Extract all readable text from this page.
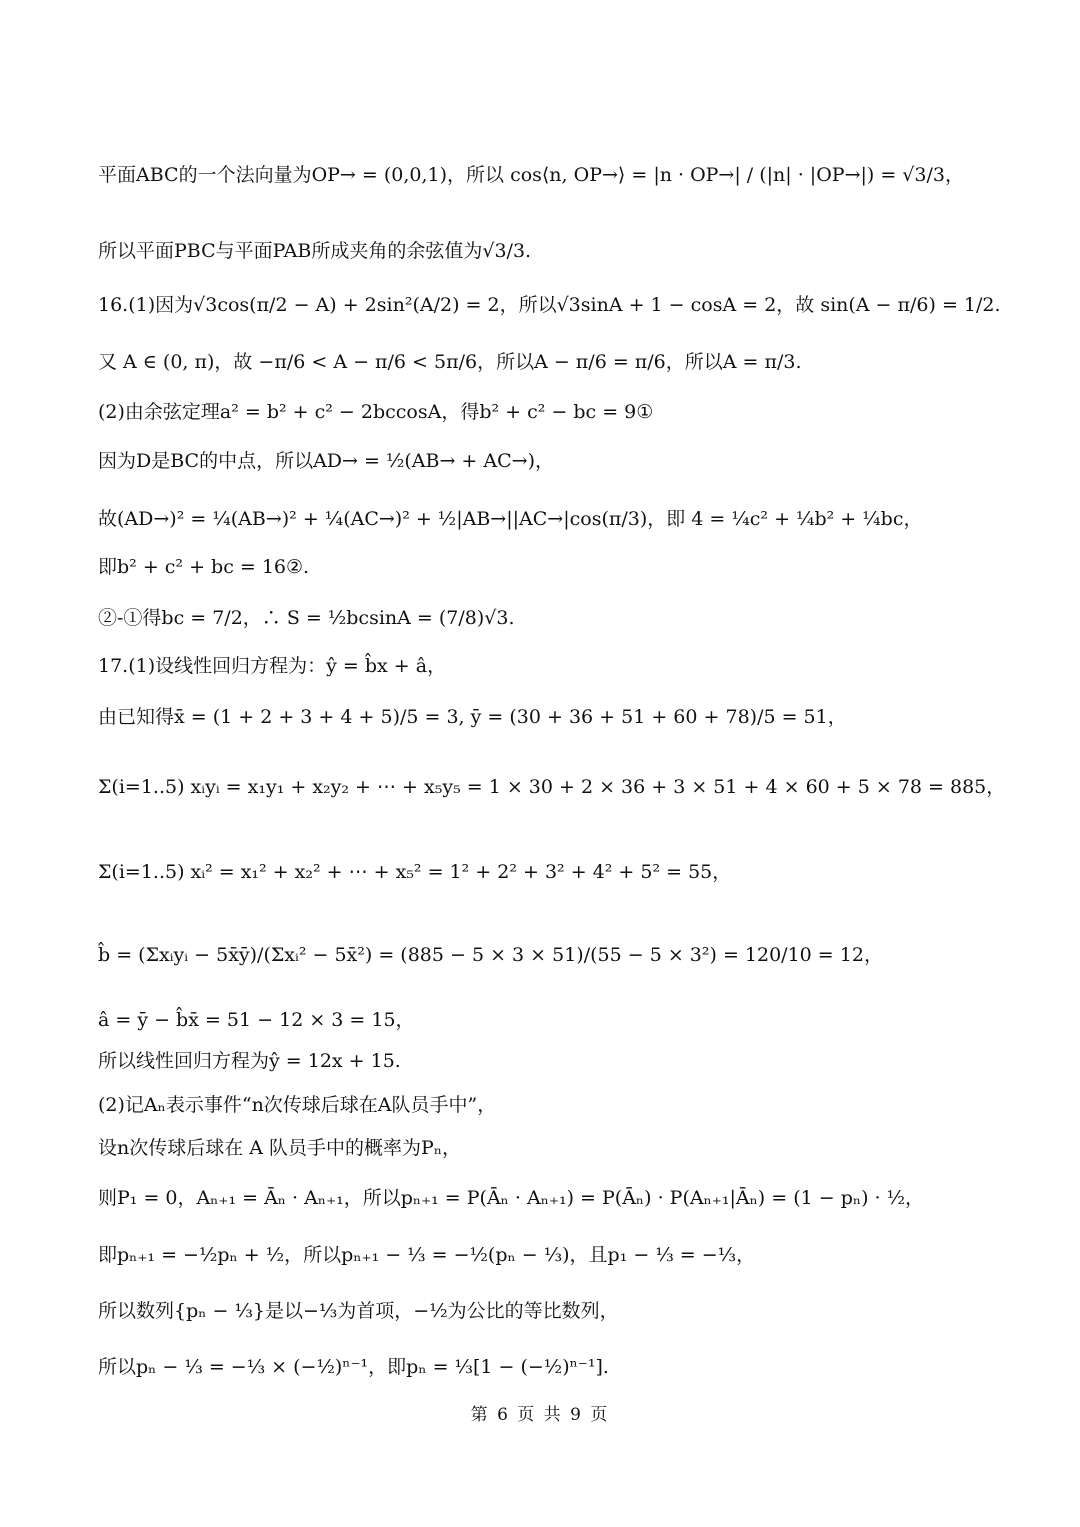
平面ABC的一个法向量为OP→ = (0,0,1)，所以 cos⟨n, OP→⟩ = |n · OP→| / (|n| · |OP→|) = √3/3，
所以平面PBC与平面PAB所成夹角的余弦值为√3/3.
16.(1)因为√3cos(π/2 − A) + 2sin²(A/2) = 2，所以√3sinA + 1 − cosA = 2，故 sin(A − π/6) = 1/2.
又 A ∈ (0, π)，故 −π/6 < A − π/6 < 5π/6，所以A − π/6 = π/6，所以A = π/3.
(2)由余弦定理a² = b² + c² − 2bccosA，得b² + c² − bc = 9①
因为D是BC的中点，所以AD→ = ½(AB→ + AC→)，
故(AD→)² = ¼(AB→)² + ¼(AC→)² + ½|AB→||AC→|cos(π/3)，即 4 = ¼c² + ¼b² + ¼bc，
即b² + c² + bc = 16②.
②-①得bc = 7/2，∴ S = ½bcsinA = (7/8)√3.
17.(1)设线性回归方程为：ŷ = b̂x + â，
由已知得x̄ = (1 + 2 + 3 + 4 + 5)/5 = 3, ȳ = (30 + 36 + 51 + 60 + 78)/5 = 51，
Σ(i=1..5) xᵢyᵢ = x₁y₁ + x₂y₂ + ⋯ + x₅y₅ = 1 × 30 + 2 × 36 + 3 × 51 + 4 × 60 + 5 × 78 = 885，
Σ(i=1..5) xᵢ² = x₁² + x₂² + ⋯ + x₅² = 1² + 2² + 3² + 4² + 5² = 55，
b̂ = (Σxᵢyᵢ − 5x̄ȳ)/(Σxᵢ² − 5x̄²) = (885 − 5 × 3 × 51)/(55 − 5 × 3²) = 120/10 = 12，
â = ȳ − b̂x̄ = 51 − 12 × 3 = 15，
所以线性回归方程为ŷ = 12x + 15.
(2)记Aₙ表示事件“n次传球后球在A队员手中”，
设n次传球后球在 A 队员手中的概率为Pₙ，
则P₁ = 0，Aₙ₊₁ = Āₙ · Aₙ₊₁，所以pₙ₊₁ = P(Āₙ · Aₙ₊₁) = P(Āₙ) · P(Aₙ₊₁|Āₙ) = (1 − pₙ) · ½，
即pₙ₊₁ = −½pₙ + ½，所以pₙ₊₁ − ⅓ = −½(pₙ − ⅓)，且p₁ − ⅓ = −⅓，
所以数列{pₙ − ⅓}是以−⅓为首项，−½为公比的等比数列，
所以pₙ − ⅓ = −⅓ × (−½)ⁿ⁻¹，即pₙ = ⅓[1 − (−½)ⁿ⁻¹].
第 6 页 共 9 页
